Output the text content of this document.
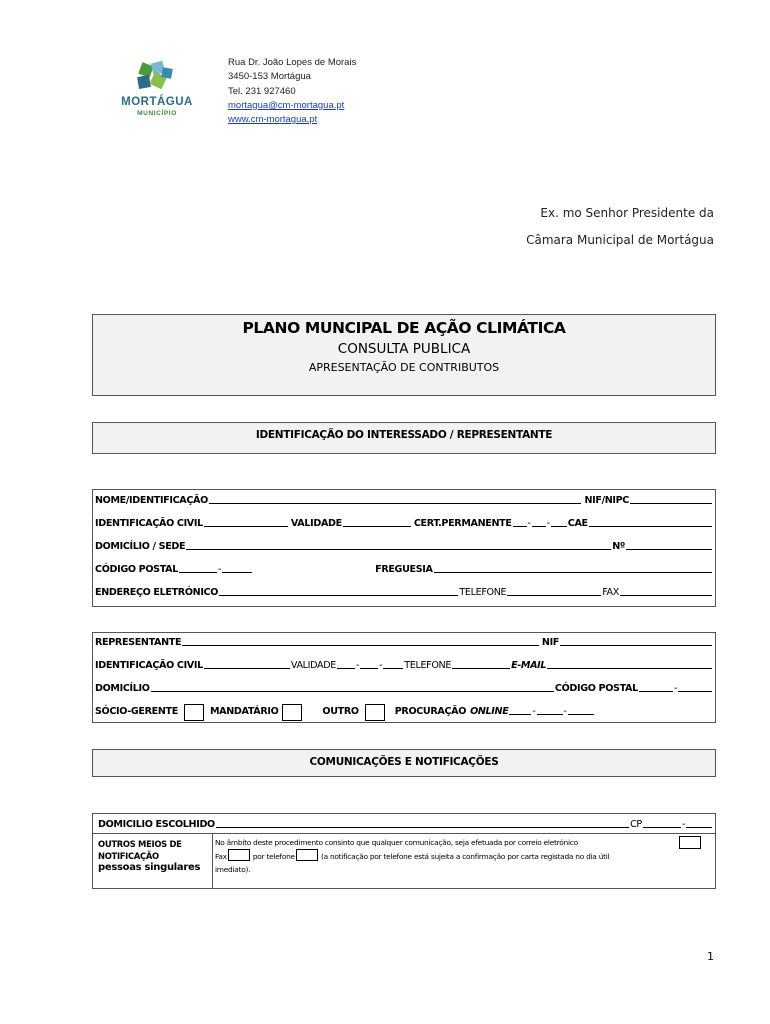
MORTÁGUA
MUNICÍPIO
Rua Dr. João Lopes de Morais
3450-153 Mortágua
Tel. 231 927460
mortagua@cm-mortagua.pt
www.cm-mortagua.pt
Ex. mo Senhor Presidente da
Câmara Municipal de Mortágua
PLANO MUNCIPAL DE AÇÃO CLIMÁTICA
CONSULTA PUBLICA
APRESENTAÇÃO DE CONTRIBUTOS
IDENTIFICAÇÃO DO INTERESSADO / REPRESENTANTE
NOME/IDENTIFICAÇÃO	NIF/NIPC
IDENTIFICAÇÃO CIVIL	VALIDADE	CERT.PERMANENTE - - CAE
DOMICÍLIO / SEDE	Nº
CÓDIGO POSTAL	-	FREGUESIA
ENDEREÇO ELETRÓNICO	TELEFONE	FAX
REPRESENTANTE	NIF
IDENTIFICAÇÃO CIVIL	VALIDADE - - TELEFONE	E-MAIL
DOMICÍLIO	CÓDIGO POSTAL	-
SÓCIO-GERENTE	MANDATÁRIO	OUTRO	PROCURAÇÃO ONLINE	-	-
COMUNICAÇÕES E NOTIFICAÇÕES
DOMICILIO ESCOLHIDO	CP	-
OUTROS MEIOS DE
NOTIFICAÇÃO
pessoas singulares
No âmbito deste procedimento consinto que qualquer comunicação, seja efetuada por correio eletrónico
Fax	por telefone	(a notificação por telefone está sujeita a confirmação por carta registada no dia útil
imediato).
1
